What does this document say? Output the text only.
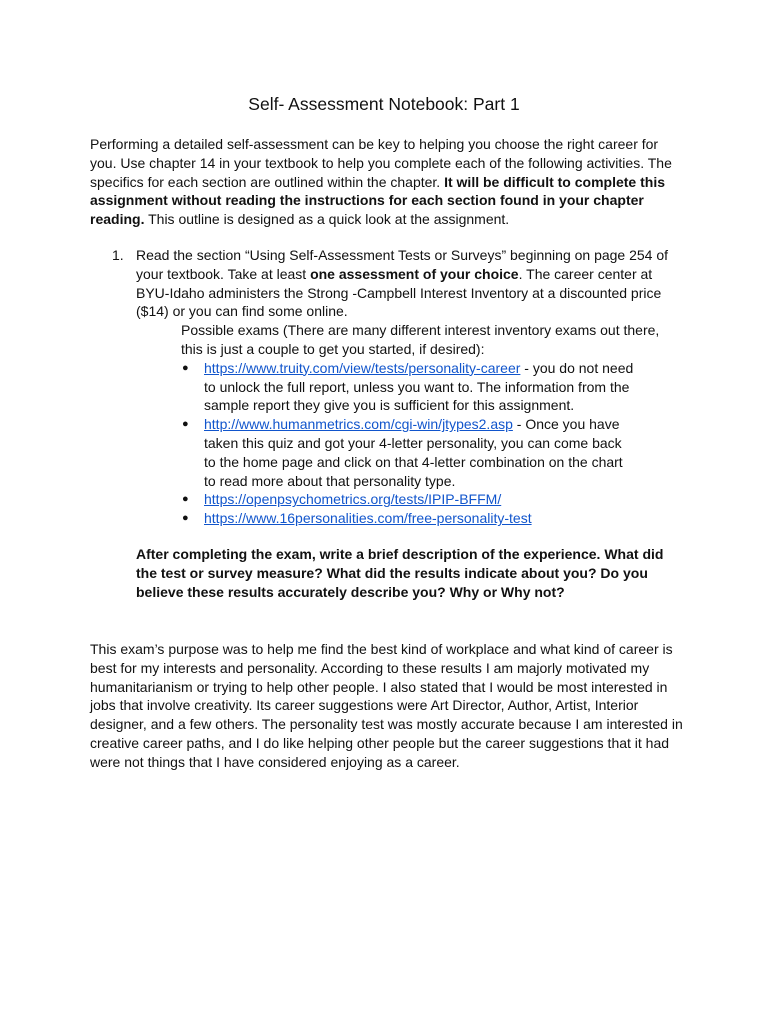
Self- Assessment Notebook: Part 1

Performing a detailed self-assessment can be key to helping you choose the right career for you. Use chapter 14 in your textbook to help you complete each of the following activities. The specifics for each section are outlined within the chapter. It will be difficult to complete this assignment without reading the instructions for each section found in your chapter reading. This outline is designed as a quick look at the assignment.

1. Read the section “Using Self-Assessment Tests or Surveys” beginning on page 254 of your textbook. Take at least one assessment of your choice. The career center at BYU-Idaho administers the Strong -Campbell Interest Inventory at a discounted price ($14) or you can find some online.
Possible exams (There are many different interest inventory exams out there, this is just a couple to get you started, if desired):
● https://www.truity.com/view/tests/personality-career - you do not need to unlock the full report, unless you want to. The information from the sample report they give you is sufficient for this assignment.
● http://www.humanmetrics.com/cgi-win/jtypes2.asp - Once you have taken this quiz and got your 4-letter personality, you can come back to the home page and click on that 4-letter combination on the chart to read more about that personality type.
● https://openpsychometrics.org/tests/IPIP-BFFM/
● https://www.16personalities.com/free-personality-test

After completing the exam, write a brief description of the experience. What did the test or survey measure? What did the results indicate about you? Do you believe these results accurately describe you? Why or Why not?

This exam’s purpose was to help me find the best kind of workplace and what kind of career is best for my interests and personality. According to these results I am majorly motivated my humanitarianism or trying to help other people. I also stated that I would be most interested in jobs that involve creativity. Its career suggestions were Art Director, Author, Artist, Interior designer, and a few others. The personality test was mostly accurate because I am interested in creative career paths, and I do like helping other people but the career suggestions that it had were not things that I have considered enjoying as a career.
